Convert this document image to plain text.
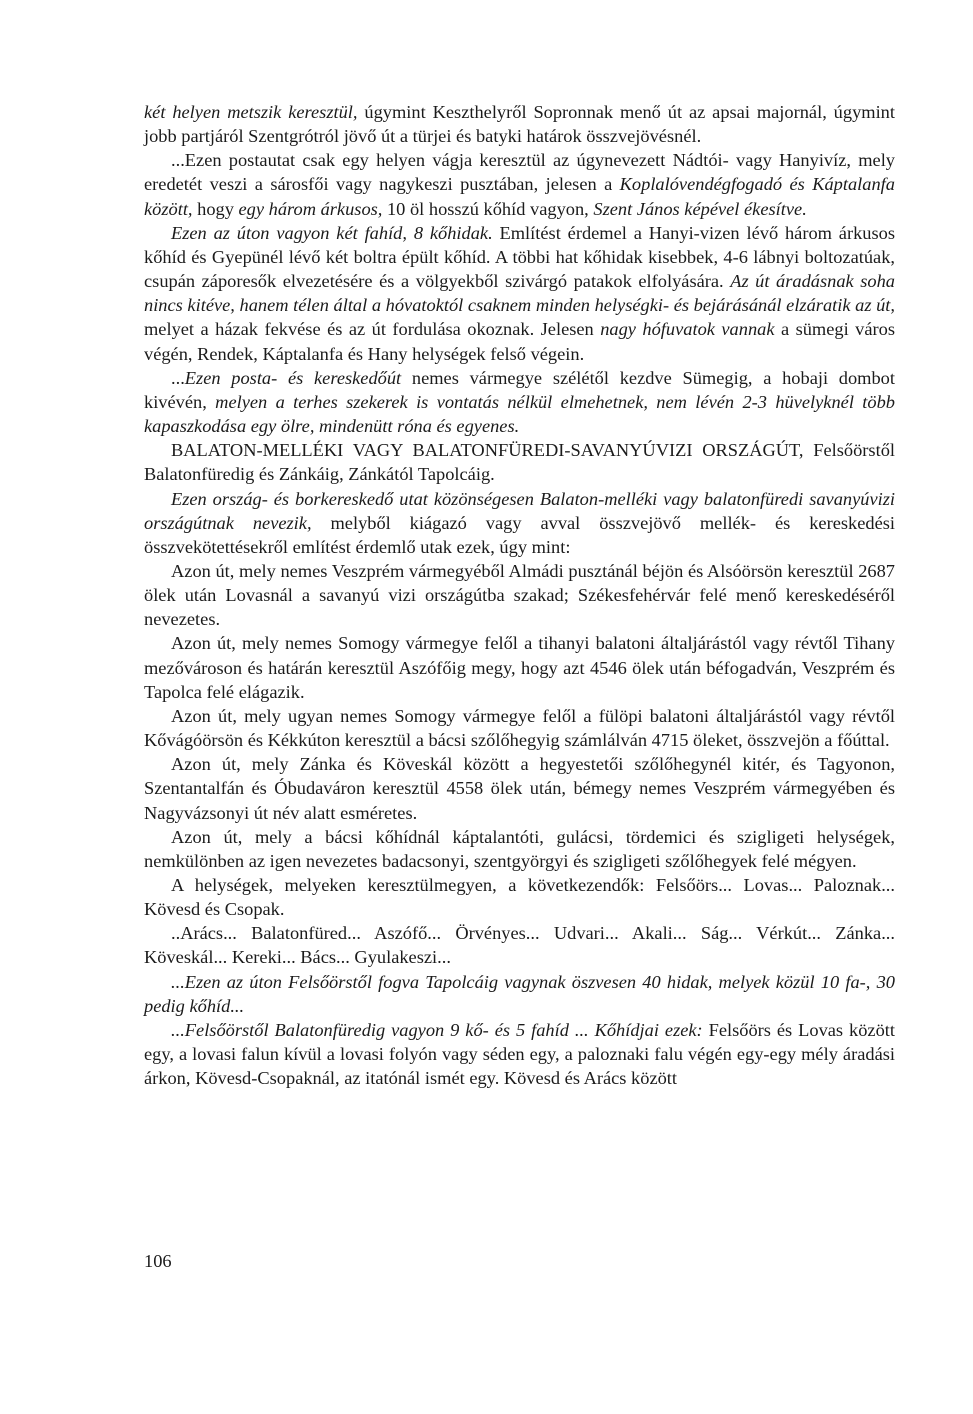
két helyen metszik keresztül, úgymint Keszthelyről Sopronnak menő út az apsai majornál, úgymint jobb partjáról Szentgrótról jövő út a türjei és batyki határok összvejövésnél.

...Ezen postautat csak egy helyen vágja keresztül az úgynevezett Nádtói- vagy Hanyivíz, mely eredetét veszi a sárosfői vagy nagykeszi pusztában, jelesen a Koplalóvendégfogadó és Káptalanfa között, hogy egy három árkusos, 10 öl hosszú kőhíd vagyon, Szent János képével ékesítve.

Ezen az úton vagyon két fahíd, 8 kőhidak. Említést érdemel a Hanyi-vizen lévő három árkusos kőhíd és Gyepünél lévő két boltra épült kőhíd. A többi hat kőhidak kisebbek, 4-6 lábnyi boltozatúak, csupán záporesők elvezetésére és a völgyekből szivárgó patakok elfolyására. Az út áradásnak soha nincs kitéve, hanem télen által a hóvatoktól csaknem minden helységki- és bejárásánál elzáratik az út, melyet a házak fekvése és az út fordulása okoznak. Jelesen nagy hófuvatok vannak a sümegi város végén, Rendek, Káptalanfa és Hany helységek felső végein.

...Ezen posta- és kereskedőút nemes vármegye szélétől kezdve Sümegig, a hobaji dombot kivévén, melyen a terhes szekerek is vontatás nélkül elmehetnek, nem lévén 2-3 hüvelyknél több kapaszkodása egy ölre, mindenütt róna és egyenes.

BALATON-MELLÉKI VAGY BALATONFÜREDI-SAVANYÚVIZI ORSZÁGÚT, Felsőörstől Balatonfüredig és Zánkáig, Zánkától Tapolcáig.

Ezen ország- és borkereskedő utat közönségesen Balaton-melléki vagy balatonfüredi savanyúvizi országútnak nevezik, melyből kiágazó vagy avval összvejövő mellék- és kereskedési összvekötettésekről említést érdemlő utak ezek, úgy mint:

Azon út, mely nemes Veszprém vármegyéből Almádi pusztánál béjön és Alsóörsön keresztül 2687 ölek után Lovasnál a savanyú vizi országútba szakad; Székesfehérvár felé menő kereskedéséről nevezetes.

Azon út, mely nemes Somogy vármegye felől a tihanyi balatoni általjárástól vagy révtől Tihany mezővároson és határán keresztül Aszófőig megy, hogy azt 4546 ölek után béfogadván, Veszprém és Tapolca felé elágazik.

Azon út, mely ugyan nemes Somogy vármegye felől a fülöpi balatoni általjárástól vagy révtől Kővágóörsön és Kékkúton keresztül a bácsi szőlőhegyig számlálván 4715 öleket, összvejön a főúttal.

Azon út, mely Zánka és Köveskál között a hegyestetői szőlőhegynél kitér, és Tagyonon, Szentantalfán és Óbudaváron keresztül 4558 ölek után, bémegy nemes Veszprém vármegyében és Nagyvázsonyi út név alatt esméretes.

Azon út, mely a bácsi kőhídnál káptalantóti, gulácsi, tördemici és szigligeti helységek, nemkülönben az igen nevezetes badacsonyi, szentgyörgyi és szigligeti szőlőhegyek felé mégyen.

A helységek, melyeken keresztülmegyen, a következendők: Felsőörs... Lovas... Paloznak... Kövesd és Csopak.

..Arács... Balatonfüred... Aszófő... Örvényes... Udvari... Akali... Ság... Vérkút... Zánka... Köveskál... Kereki... Bács... Gyulakeszi...

...Ezen az úton Felsőörstől fogva Tapolcáig vagynak öszvesen 40 hidak, melyek közül 10 fa-, 30 pedig kőhíd...

...Felsőörstől Balatonfüredig vagyon 9 kő- és 5 fahíd ... Kőhídjai ezek: Felsőörs és Lovas között egy, a lovasi falun kívül a lovasi folyón vagy séden egy, a paloznaki falu végén egy-egy mély áradási árkon, Kövesd-Csopaknál, az itatónál ismét egy. Kövesd és Arács között

106
